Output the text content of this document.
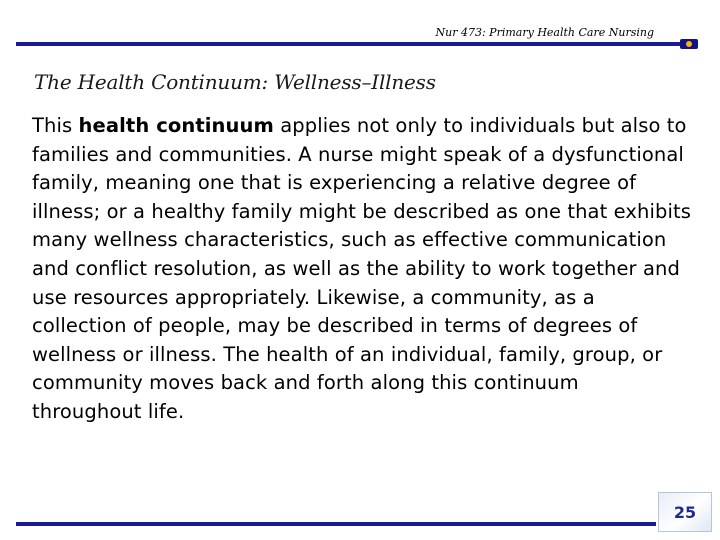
Nur 473: Primary Health Care Nursing
The Health Continuum: Wellness–Illness

This health continuum applies not only to individuals but also to families and communities. A nurse might speak of a dysfunctional family, meaning one that is experiencing a relative degree of illness; or a healthy family might be described as one that exhibits many wellness characteristics, such as effective communication and conflict resolution, as well as the ability to work together and use resources appropriately. Likewise, a community, as a collection of people, may be described in terms of degrees of wellness or illness. The health of an individual, family, group, or community moves back and forth along this continuum throughout life.

25
